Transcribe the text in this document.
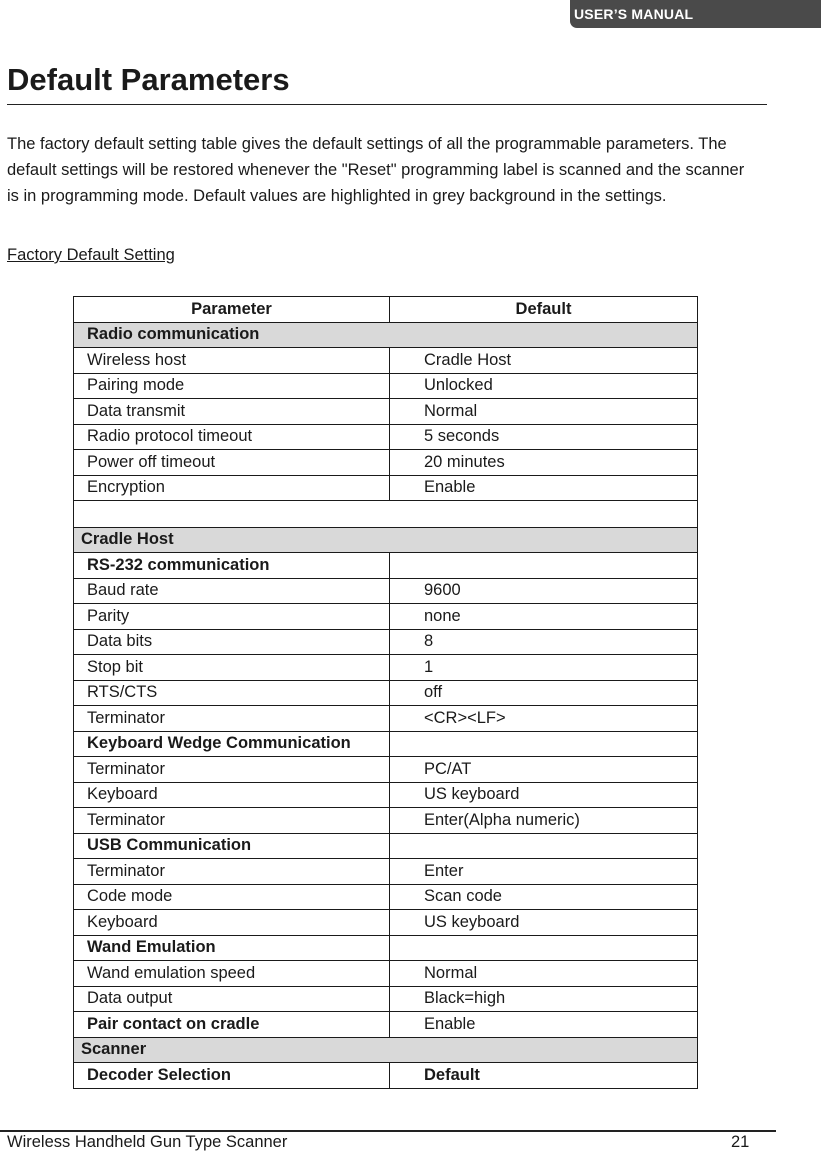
USER’S MANUAL
Default Parameters

The factory default setting table gives the default settings of all the programmable parameters. The default settings will be restored whenever the "Reset" programming label is scanned and the scanner is in programming mode. Default values are highlighted in grey background in the settings.

Factory Default Setting

Parameter	Default
Radio communication	
Wireless host	Cradle Host
Pairing mode	Unlocked
Data transmit	Normal
Radio protocol timeout	5 seconds
Power off timeout	20 minutes
Encryption	Enable

Cradle Host	
RS-232 communication	
Baud rate	9600
Parity	none
Data bits	8
Stop bit	1
RTS/CTS	off
Terminator	<CR><LF>
Keyboard Wedge Communication	
Terminator	PC/AT
Keyboard	US keyboard
Terminator	Enter(Alpha numeric)
USB Communication	
Terminator	Enter
Code mode	Scan code
Keyboard	US keyboard
Wand Emulation	
Wand emulation speed	Normal
Data output	Black=high
Pair contact on cradle	Enable
Scanner	
Decoder Selection	Default

Wireless Handheld Gun Type Scanner	21
